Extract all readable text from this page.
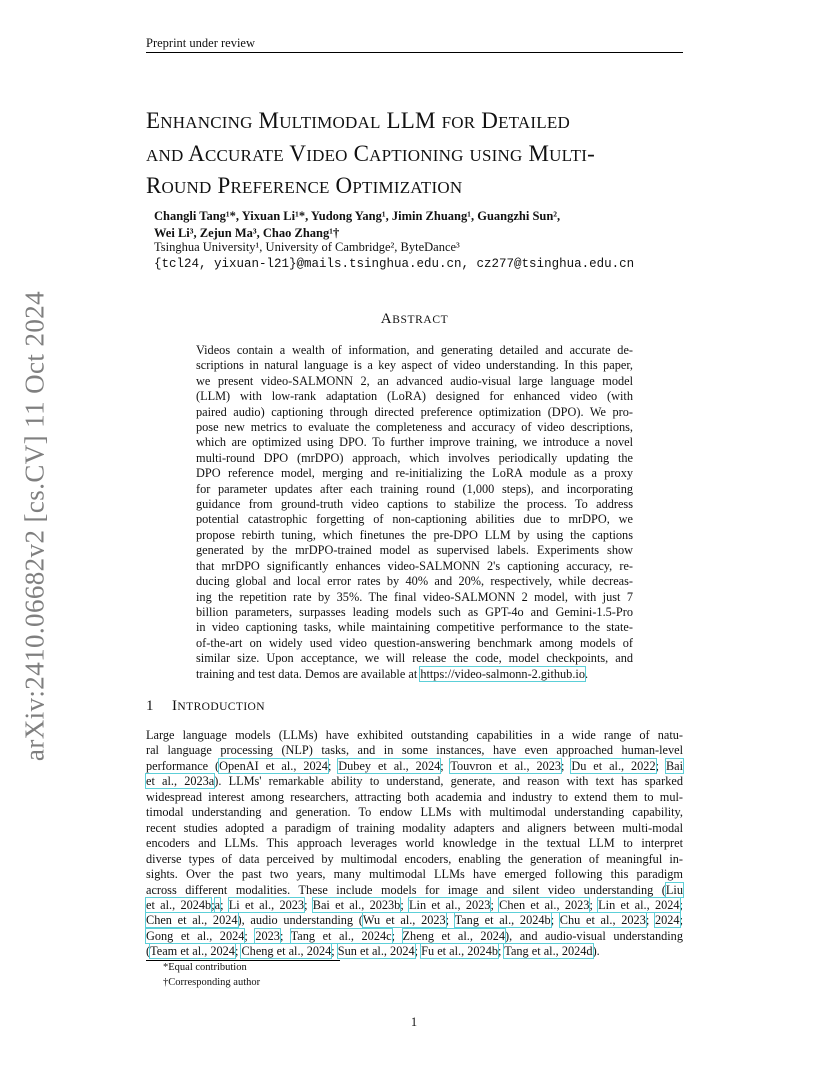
Preprint under review
arXiv:2410.06682v2 [cs.CV] 11 Oct 2024
ENHANCING MULTIMODAL LLM FOR DETAILED
AND ACCURATE VIDEO CAPTIONING USING MULTI-
ROUND PREFERENCE OPTIMIZATION
Changli Tang¹*, Yixuan Li¹*, Yudong Yang¹, Jimin Zhuang¹, Guangzhi Sun²,
Wei Li³, Zejun Ma³, Chao Zhang¹†
Tsinghua University¹, University of Cambridge², ByteDance³
{tcl24, yixuan-l21}@mails.tsinghua.edu.cn, cz277@tsinghua.edu.cn
ABSTRACT
Videos contain a wealth of information, and generating detailed and accurate de-
scriptions in natural language is a key aspect of video understanding. In this paper,
we present video-SALMONN 2, an advanced audio-visual large language model
(LLM) with low-rank adaptation (LoRA) designed for enhanced video (with
paired audio) captioning through directed preference optimization (DPO). We pro-
pose new metrics to evaluate the completeness and accuracy of video descriptions,
which are optimized using DPO. To further improve training, we introduce a novel
multi-round DPO (mrDPO) approach, which involves periodically updating the
DPO reference model, merging and re-initializing the LoRA module as a proxy
for parameter updates after each training round (1,000 steps), and incorporating
guidance from ground-truth video captions to stabilize the process. To address
potential catastrophic forgetting of non-captioning abilities due to mrDPO, we
propose rebirth tuning, which finetunes the pre-DPO LLM by using the captions
generated by the mrDPO-trained model as supervised labels. Experiments show
that mrDPO significantly enhances video-SALMONN 2's captioning accuracy, re-
ducing global and local error rates by 40% and 20%, respectively, while decreas-
ing the repetition rate by 35%. The final video-SALMONN 2 model, with just 7
billion parameters, surpasses leading models such as GPT-4o and Gemini-1.5-Pro
in video captioning tasks, while maintaining competitive performance to the state-
of-the-art on widely used video question-answering benchmark among models of
similar size. Upon acceptance, we will release the code, model checkpoints, and
training and test data. Demos are available at https://video-salmonn-2.github.io.
1 INTRODUCTION
Large language models (LLMs) have exhibited outstanding capabilities in a wide range of natu-
ral language processing (NLP) tasks, and in some instances, have even approached human-level
performance (OpenAI et al., 2024; Dubey et al., 2024; Touvron et al., 2023; Du et al., 2022; Bai
et al., 2023a). LLMs' remarkable ability to understand, generate, and reason with text has sparked
widespread interest among researchers, attracting both academia and industry to extend them to mul-
timodal understanding and generation. To endow LLMs with multimodal understanding capability,
recent studies adopted a paradigm of training modality adapters and aligners between multi-modal
encoders and LLMs. This approach leverages world knowledge in the textual LLM to interpret
diverse types of data perceived by multimodal encoders, enabling the generation of meaningful in-
sights. Over the past two years, many multimodal LLMs have emerged following this paradigm
across different modalities. These include models for image and silent video understanding (Liu
et al., 2024b;a; Li et al., 2023; Bai et al., 2023b; Lin et al., 2023; Chen et al., 2023; Lin et al., 2024;
Chen et al., 2024), audio understanding (Wu et al., 2023; Tang et al., 2024b; Chu et al., 2023; 2024;
Gong et al., 2024; 2023; Tang et al., 2024c; Zheng et al., 2024), and audio-visual understanding
(Team et al., 2024; Cheng et al., 2024; Sun et al., 2024; Fu et al., 2024b; Tang et al., 2024d).
*Equal contribution
†Corresponding author
1
